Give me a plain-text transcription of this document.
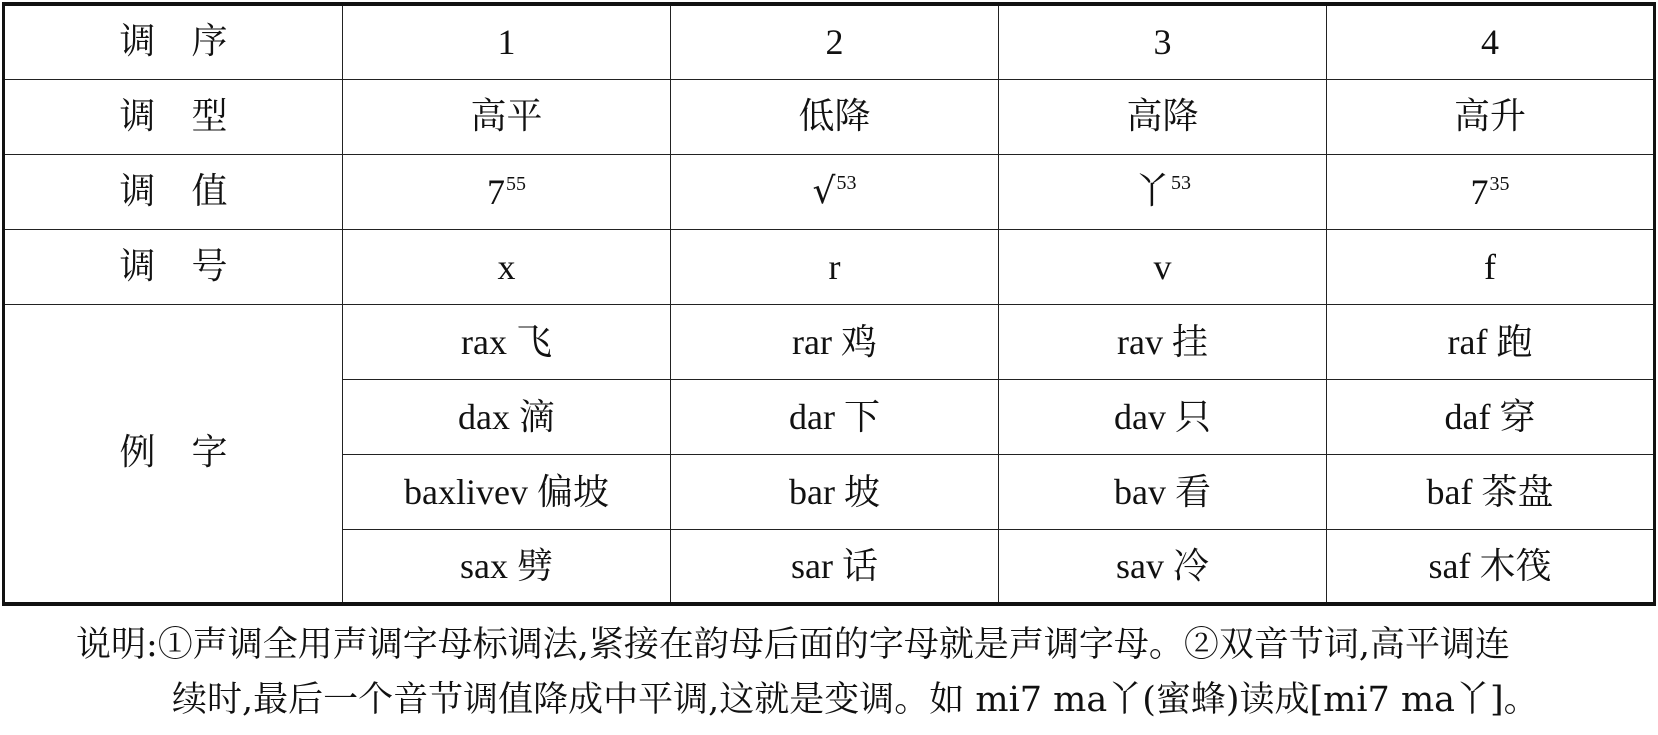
调序	1	2	3	4
调型	高平	低降	高降	高升
调值	$7^{55}$	√$^{53}$	丫$^{53}$	$7^{35}$
调号	x	r	v	f
例字	rax 飞	rar 鸡	rav 挂	raf 跑
	dax 滴	dar 下	dav 只	daf 穿
	baxlivev 偏坡	bar 坡	bav 看	baf 茶盘
	sax 劈	sar 话	sav 冷	saf 木筏
说明:①声调全用声调字母标调法,紧接在韵母后面的字母就是声调字母。②双音节词,高平调连
续时,最后一个音节调值降成中平调,这就是变调。如 mi7 ma丫(蜜蜂)读成[mi7 ma丫]。
